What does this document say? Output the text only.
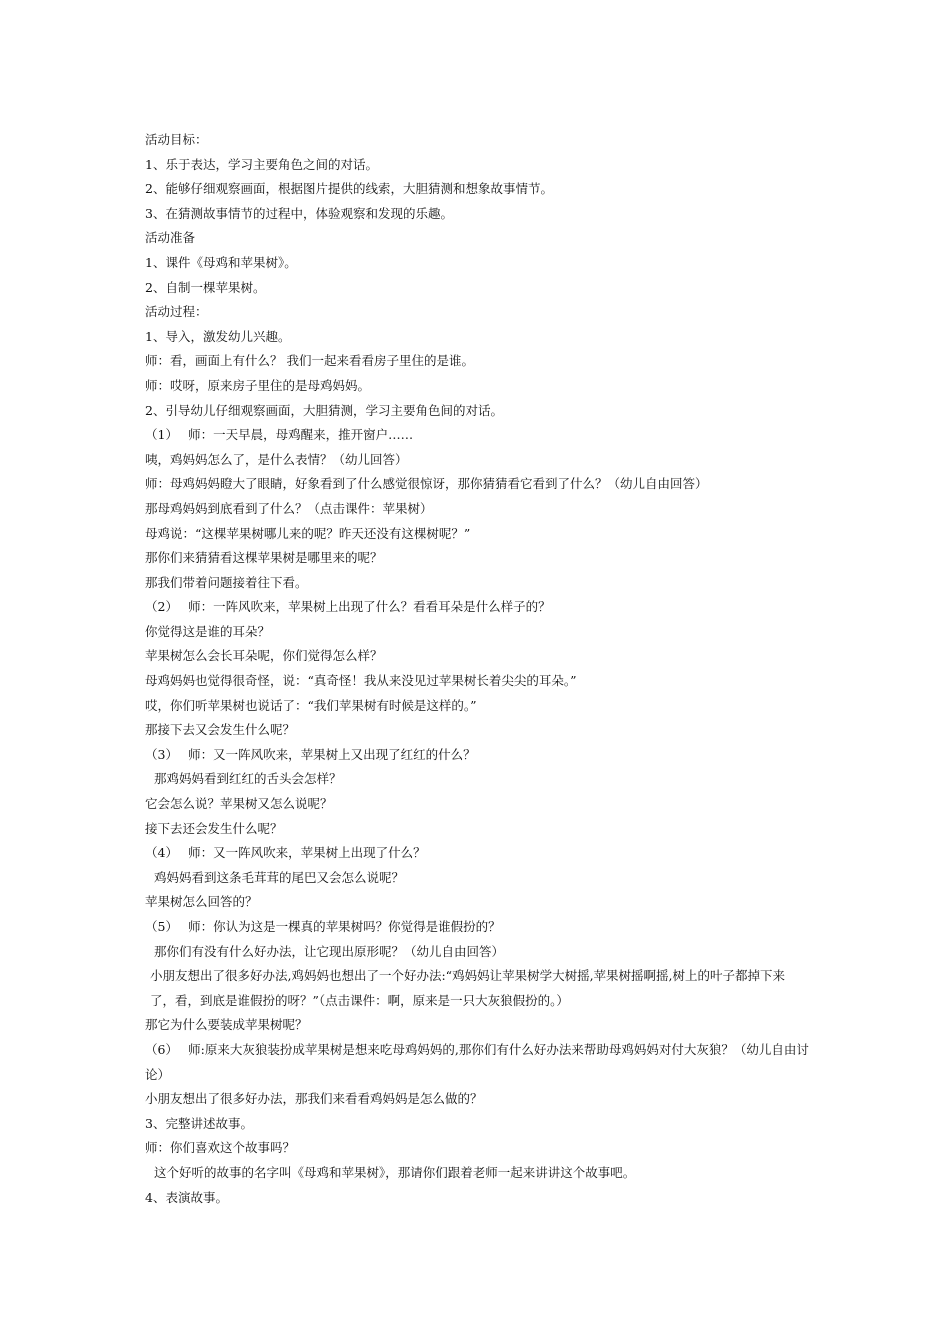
活动目标：
1、乐于表达，学习主要角色之间的对话。
2、能够仔细观察画面，根据图片提供的线索，大胆猜测和想象故事情节。
3、在猜测故事情节的过程中，体验观察和发现的乐趣。
活动准备
1、课件《母鸡和苹果树》。
2、自制一棵苹果树。
活动过程：
1、导入，激发幼儿兴趣。
师：看，画面上有什么？ 我们一起来看看房子里住的是谁。
师：哎呀，原来房子里住的是母鸡妈妈。
2、引导幼儿仔细观察画面，大胆猜测，学习主要角色间的对话。
（1）　 师：一天早晨，母鸡醒来，推开窗户……
咦，鸡妈妈怎么了，是什么表情？（幼儿回答）
师：母鸡妈妈瞪大了眼睛，好象看到了什么感觉很惊讶，那你猜猜看它看到了什么？（幼儿自由回答）
那母鸡妈妈到底看到了什么？（点击课件：苹果树）
母鸡说：“这棵苹果树哪儿来的呢？昨天还没有这棵树呢？”
那你们来猜猜看这棵苹果树是哪里来的呢？
那我们带着问题接着往下看。
（2）　 师：一阵风吹来，苹果树上出现了什么？看看耳朵是什么样子的？
你觉得这是谁的耳朵？
苹果树怎么会长耳朵呢，你们觉得怎么样？
母鸡妈妈也觉得很奇怪，说：“真奇怪！我从来没见过苹果树长着尖尖的耳朵。”
哎，你们听苹果树也说话了：“我们苹果树有时候是这样的。”
那接下去又会发生什么呢？
（3）　 师：又一阵风吹来，苹果树上又出现了红红的什么？
那鸡妈妈看到红红的舌头会怎样？
它会怎么说？苹果树又怎么说呢？
接下去还会发生什么呢？
（4）　 师：又一阵风吹来，苹果树上出现了什么？
鸡妈妈看到这条毛茸茸的尾巴又会怎么说呢？
苹果树怎么回答的？
（5）　 师：你认为这是一棵真的苹果树吗？你觉得是谁假扮的？
那你们有没有什么好办法，让它现出原形呢？（幼儿自由回答）
小朋友想出了很多好办法,鸡妈妈也想出了一个好办法:“鸡妈妈让苹果树学大树摇,苹果树摇啊摇,树上的叶子都掉下来了，看，到底是谁假扮的呀？”（点击课件：啊，原来是一只大灰狼假扮的。）
那它为什么要装成苹果树呢？
（6）　 师:原来大灰狼装扮成苹果树是想来吃母鸡妈妈的,那你们有什么好办法来帮助母鸡妈妈对付大灰狼？（幼儿自由讨论）
小朋友想出了很多好办法，那我们来看看鸡妈妈是怎么做的？
3、完整讲述故事。
师：你们喜欢这个故事吗？
这个好听的故事的名字叫《母鸡和苹果树》，那请你们跟着老师一起来讲讲这个故事吧。
4、表演故事。
